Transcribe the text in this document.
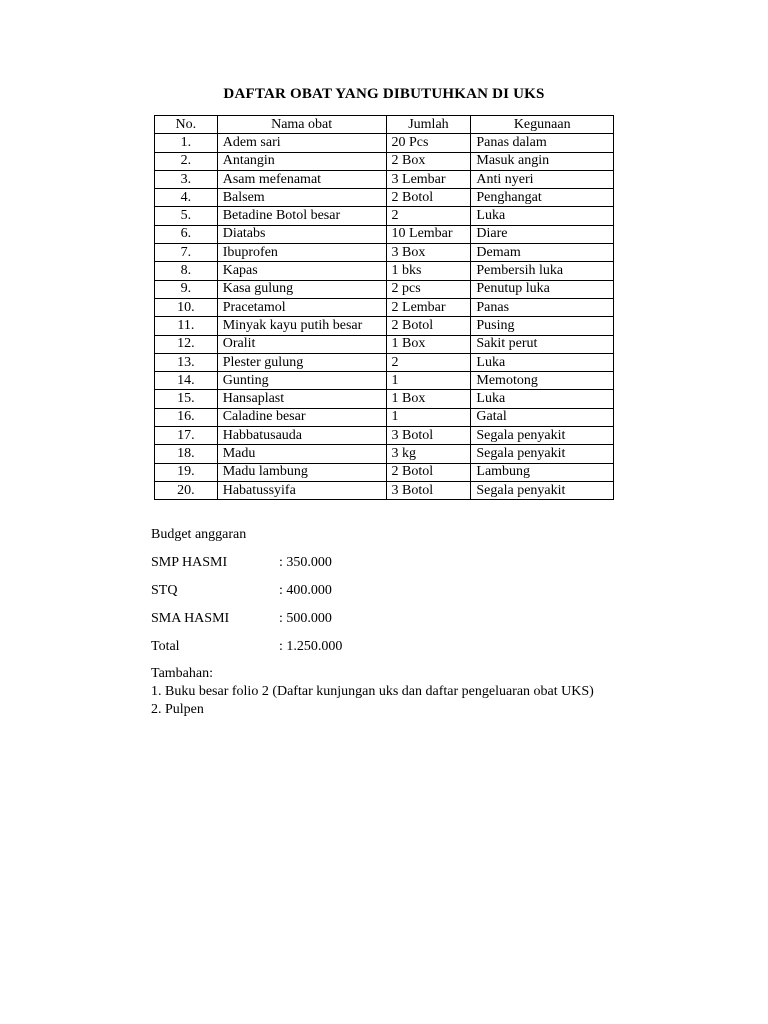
DAFTAR OBAT YANG DIBUTUHKAN DI UKS
No.	Nama obat	Jumlah	Kegunaan
1.	Adem sari	20 Pcs	Panas dalam
2.	Antangin	2 Box	Masuk angin
3.	Asam mefenamat	3 Lembar	Anti nyeri
4.	Balsem	2 Botol	Penghangat
5.	Betadine Botol besar	2	Luka
6.	Diatabs	10 Lembar	Diare
7.	Ibuprofen	3 Box	Demam
8.	Kapas	1 bks	Pembersih luka
9.	Kasa gulung	2 pcs	Penutup luka
10.	Pracetamol	2 Lembar	Panas
11.	Minyak kayu putih besar	2 Botol	Pusing
12.	Oralit	1 Box	Sakit perut
13.	Plester gulung	2	Luka
14.	Gunting	1	Memotong
15.	Hansaplast	1 Box	Luka
16.	Caladine besar	1	Gatal
17.	Habbatusauda	3 Botol	Segala penyakit
18.	Madu	3 kg	Segala penyakit
19.	Madu lambung	2 Botol	Lambung
20.	Habatussyifa	3 Botol	Segala penyakit
Budget anggaran
SMP HASMI	: 350.000
STQ	: 400.000
SMA HASMI	: 500.000
Total	: 1.250.000
Tambahan:
1. Buku besar folio 2 (Daftar kunjungan uks dan daftar pengeluaran obat UKS)
2. Pulpen
